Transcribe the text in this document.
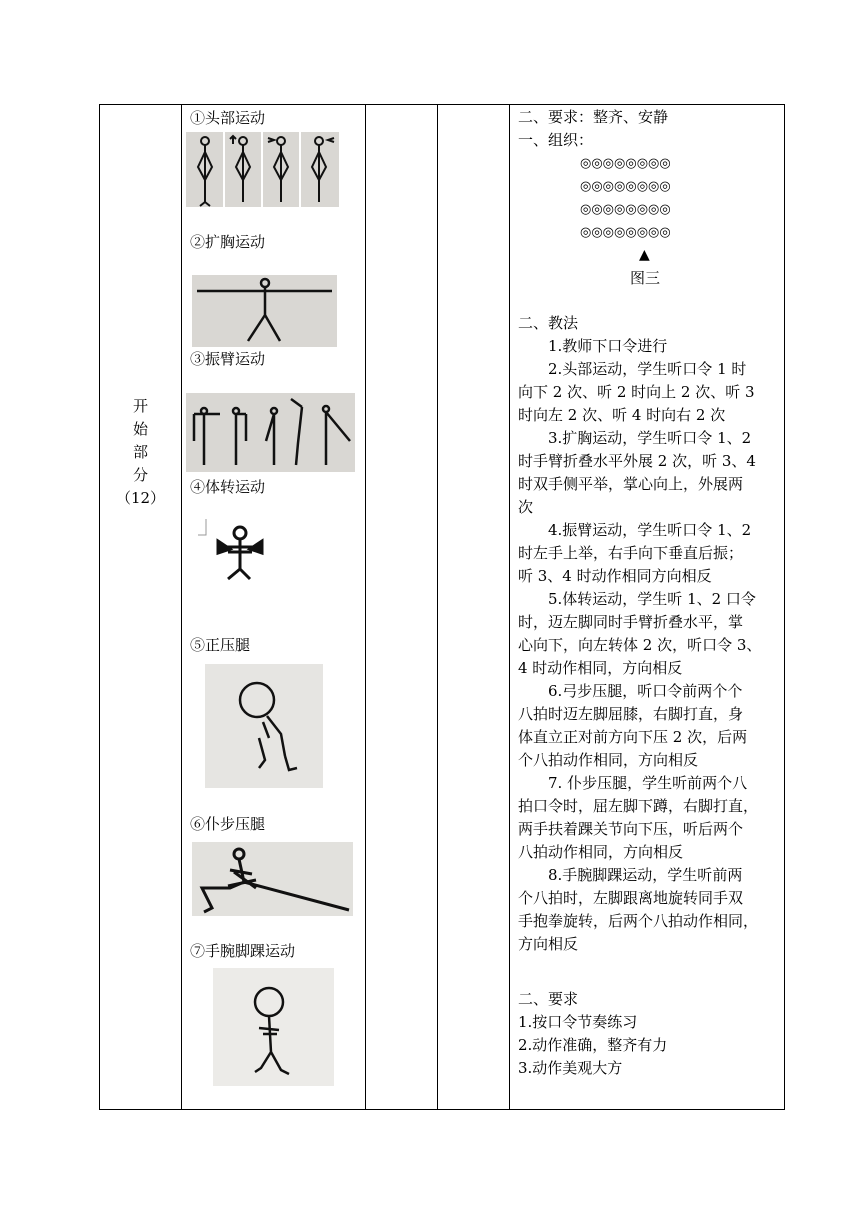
开
始
部
分
（12）
①头部运动
②扩胸运动
③振臂运动
④体转运动
⑤正压腿
⑥仆步压腿
⑦手腕脚踝运动
二、要求：整齐、安静
一、组织：
◎◎◎◎◎◎◎◎
◎◎◎◎◎◎◎◎
◎◎◎◎◎◎◎◎
◎◎◎◎◎◎◎◎
▲
图三
二、教法
1.教师下口令进行
2.头部运动，学生听口令 1 时
向下 2 次、听 2 时向上 2 次、听 3
时向左 2 次、听 4 时向右 2 次
3.扩胸运动，学生听口令 1、2
时手臂折叠水平外展 2 次，听 3、4
时双手侧平举，掌心向上，外展两
次
4.振臂运动，学生听口令 1、2
时左手上举，右手向下垂直后振；
听 3、4 时动作相同方向相反
5.体转运动，学生听 1、2 口令
时，迈左脚同时手臂折叠水平，掌
心向下，向左转体 2 次，听口令 3、
4 时动作相同，方向相反
6.弓步压腿，听口令前两个个
八拍时迈左脚屈膝，右脚打直，身
体直立正对前方向下压 2 次，后两
个八拍动作相同，方向相反
7. 仆步压腿，学生听前两个八
拍口令时，屈左脚下蹲，右脚打直，
两手扶着踝关节向下压，听后两个
八拍动作相同，方向相反
8.手腕脚踝运动，学生听前两
个八拍时，左脚跟离地旋转同手双
手抱拳旋转，后两个八拍动作相同，
方向相反
二、要求
1.按口令节奏练习
2.动作准确，整齐有力
3.动作美观大方
